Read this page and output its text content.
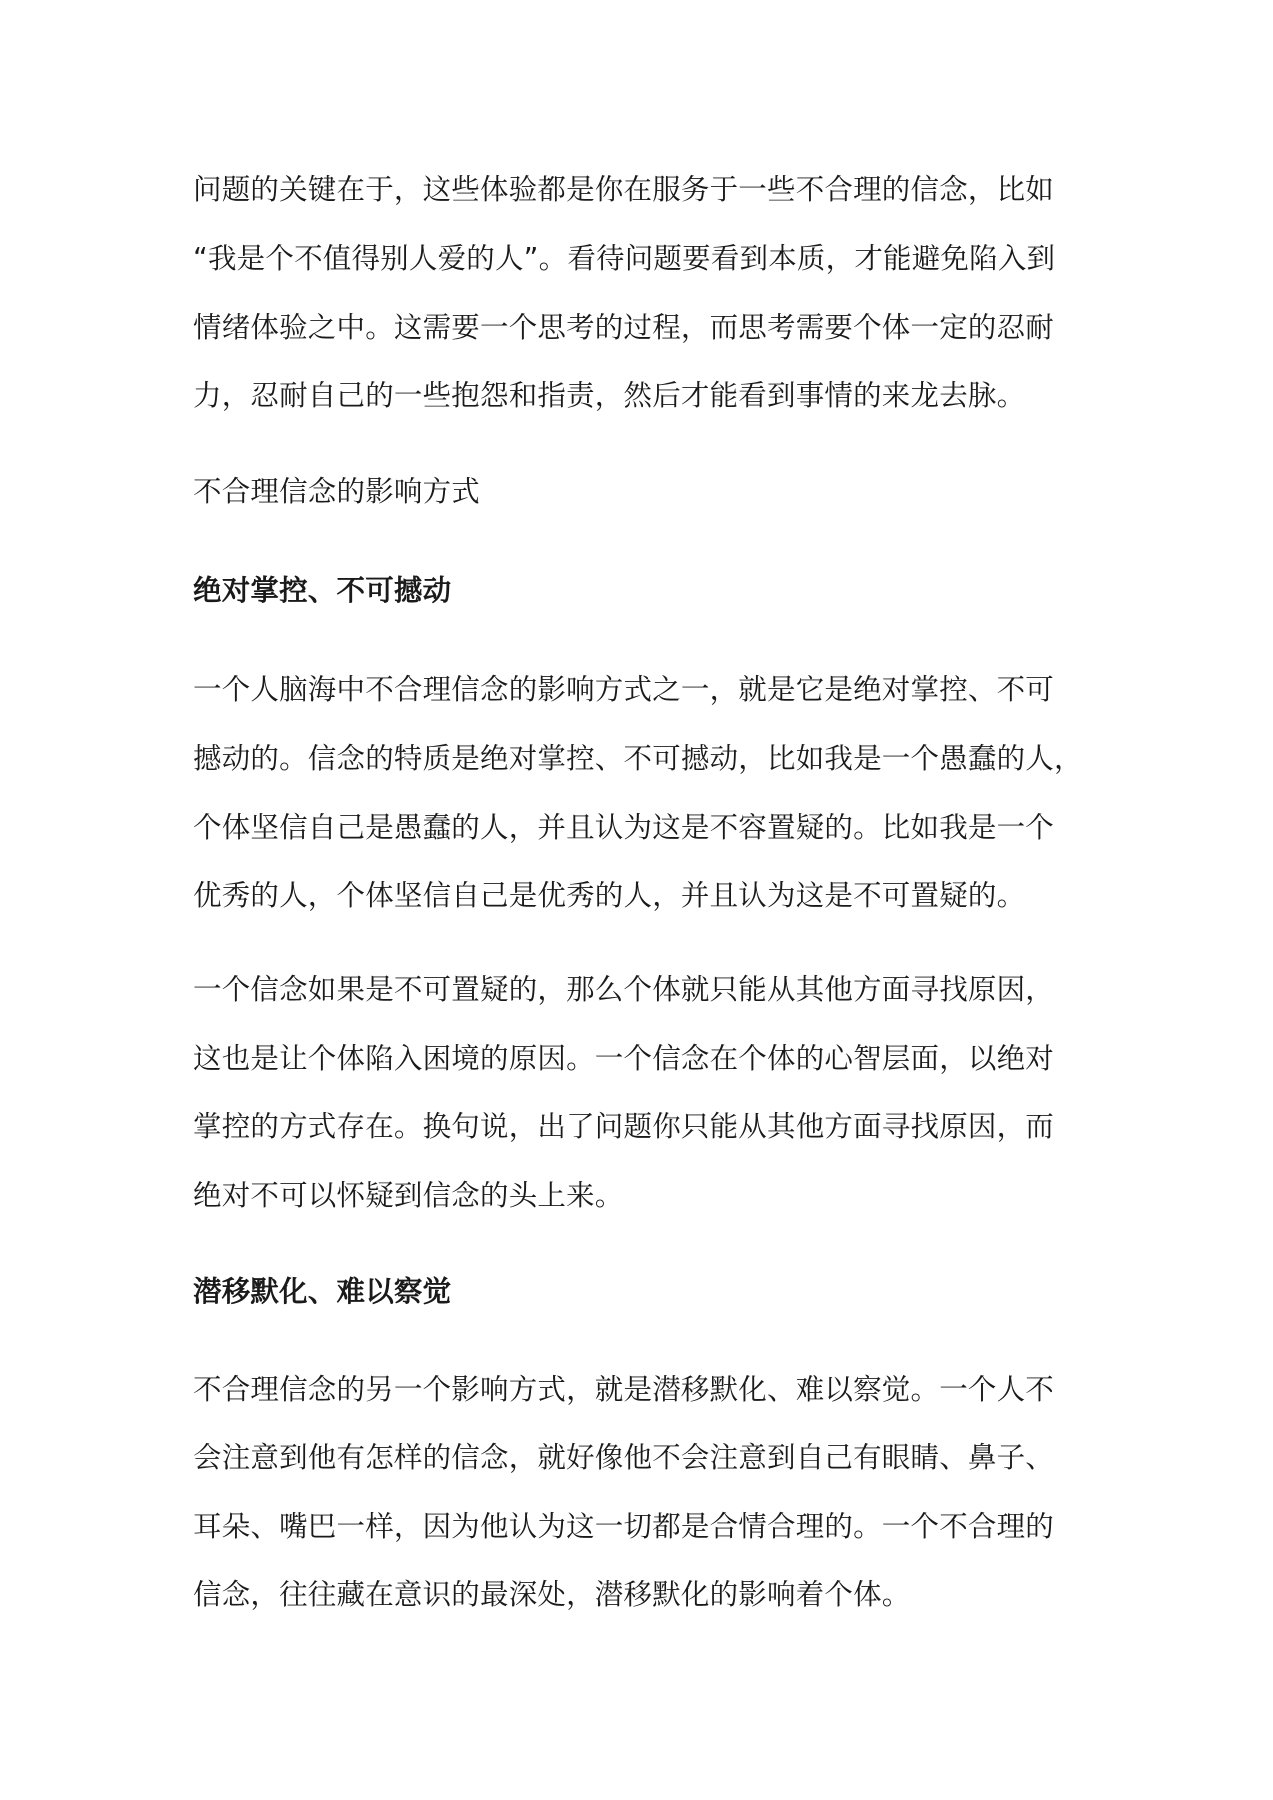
问题的关键在于，这些体验都是你在服务于一些不合理的信念，比如
“我是个不值得别人爱的人”。看待问题要看到本质，才能避免陷入到
情绪体验之中。这需要一个思考的过程，而思考需要个体一定的忍耐
力，忍耐自己的一些抱怨和指责，然后才能看到事情的来龙去脉。
不合理信念的影响方式
绝对掌控、不可撼动
一个人脑海中不合理信念的影响方式之一，就是它是绝对掌控、不可
撼动的。信念的特质是绝对掌控、不可撼动，比如我是一个愚蠢的人，
个体坚信自己是愚蠢的人，并且认为这是不容置疑的。比如我是一个
优秀的人，个体坚信自己是优秀的人，并且认为这是不可置疑的。
一个信念如果是不可置疑的，那么个体就只能从其他方面寻找原因，
这也是让个体陷入困境的原因。一个信念在个体的心智层面，以绝对
掌控的方式存在。换句说，出了问题你只能从其他方面寻找原因，而
绝对不可以怀疑到信念的头上来。
潜移默化、难以察觉
不合理信念的另一个影响方式，就是潜移默化、难以察觉。一个人不
会注意到他有怎样的信念，就好像他不会注意到自己有眼睛、鼻子、
耳朵、嘴巴一样，因为他认为这一切都是合情合理的。一个不合理的
信念，往往藏在意识的最深处，潜移默化的影响着个体。
